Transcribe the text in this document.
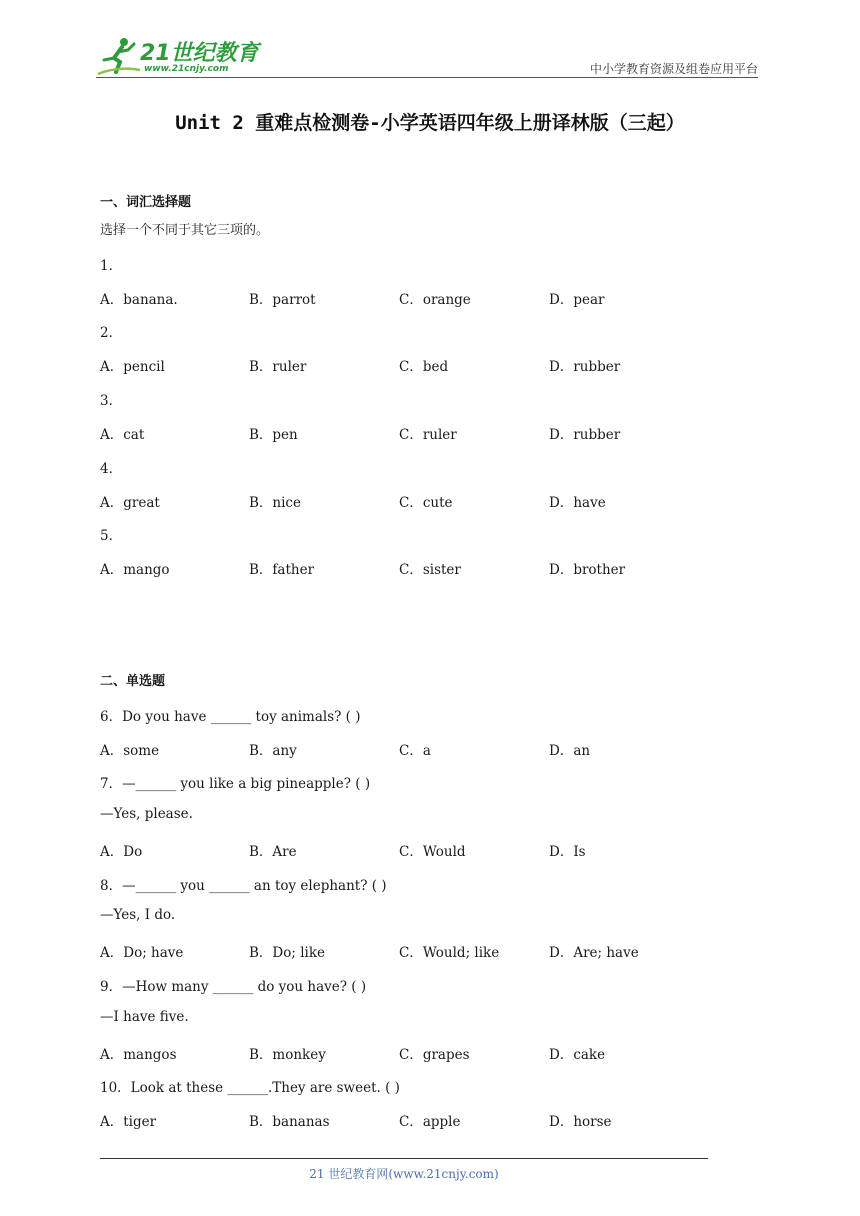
21世纪教育
www.21cnjy.com	中小学教育资源及组卷应用平台
Unit 2 重难点检测卷-小学英语四年级上册译林版（三起）
一、词汇选择题
选择一个不同于其它三项的。
1．
A．banana.	B．parrot	C．orange	D．pear
2．
A．pencil	B．ruler	C．bed	D．rubber
3．
A．cat	B．pen	C．ruler	D．rubber
4．
A．great	B．nice	C．cute	D．have
5．
A．mango	B．father	C．sister	D．brother
二、单选题
6．Do you have ______ toy animals? ( )
A．some	B．any	C．a	D．an
7．—______ you like a big pineapple? ( )
—Yes, please.
A．Do	B．Are	C．Would	D．Is
8．—______ you ______ an toy elephant? ( )
—Yes, I do.
A．Do; have	B．Do; like	C．Would; like	D．Are; have
9．—How many ______ do you have? ( )
—I have five.
A．mangos	B．monkey	C．grapes	D．cake
10．Look at these ______.They are sweet. ( )
A．tiger	B．bananas	C．apple	D．horse
21 世纪教育网(www.21cnjy.com)
